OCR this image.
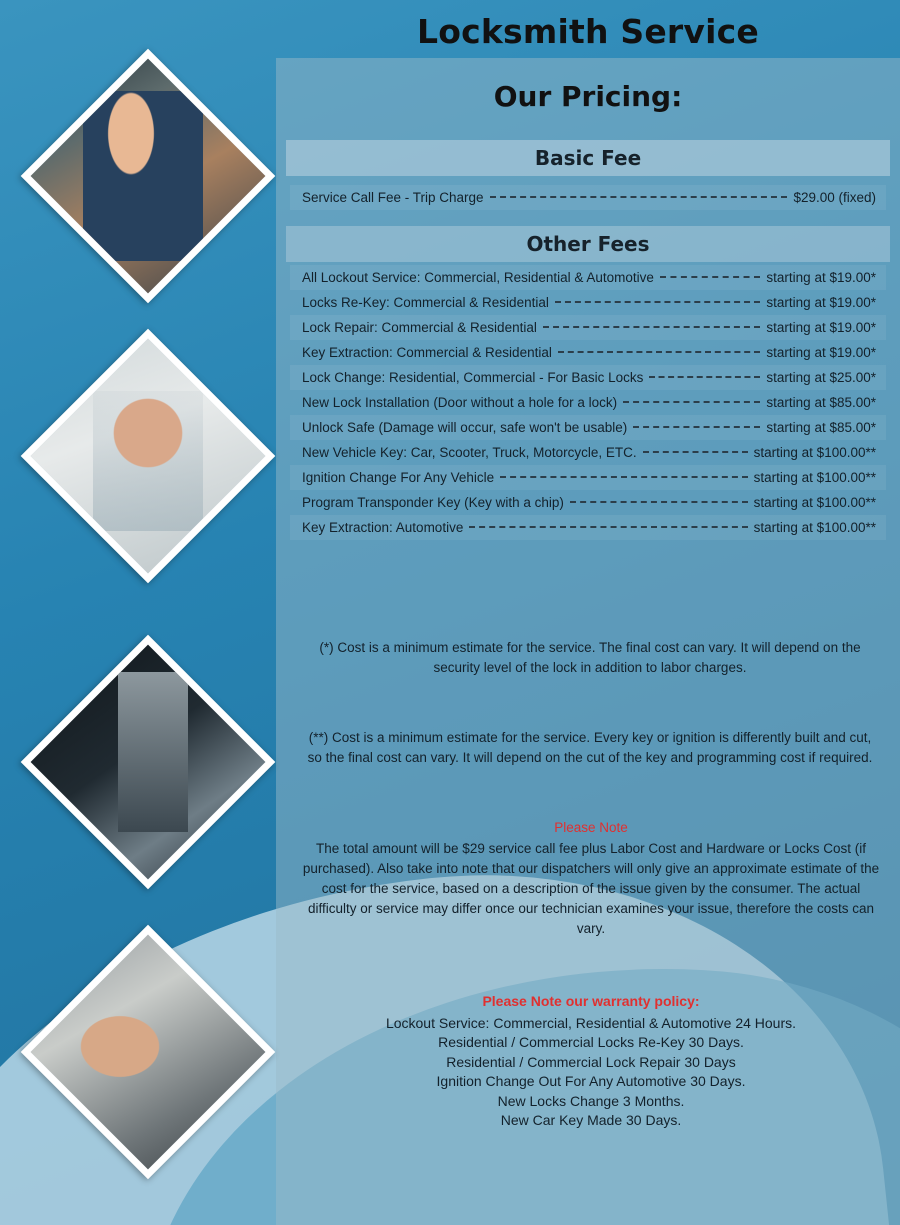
Locksmith Service
Our Pricing:
Basic Fee
Service Call Fee - Trip Charge	$29.00 (fixed)
Other Fees
All Lockout Service: Commercial, Residential & Automotive	starting at $19.00*
Locks Re-Key: Commercial & Residential	starting at $19.00*
Lock Repair: Commercial & Residential	starting at $19.00*
Key Extraction: Commercial & Residential	starting at $19.00*
Lock Change: Residential, Commercial - For Basic Locks	starting at $25.00*
New Lock Installation (Door without a hole for a lock)	starting at $85.00*
Unlock Safe (Damage will occur, safe won't be usable)	starting at $85.00*
New Vehicle Key: Car, Scooter, Truck, Motorcycle, ETC.	starting at $100.00**
Ignition Change For Any Vehicle	starting at $100.00**
Program Transponder Key (Key with a chip)	starting at $100.00**
Key Extraction: Automotive	starting at $100.00**
(*) Cost is a minimum estimate for the service. The final cost can vary. It will depend on the security level of the lock in addition to labor charges.
(**) Cost is a minimum estimate for the service. Every key or ignition is differently built and cut, so the final cost can vary. It will depend on the cut of the key and programming cost if required.
Please Note
The total amount will be $29 service call fee plus Labor Cost and Hardware or Locks Cost (if purchased). Also take into note that our dispatchers will only give an approximate estimate of the cost for the service, based on a description of the issue given by the consumer. The actual difficulty or service may differ once our technician examines your issue, therefore the costs can vary.
Please Note our warranty policy:
Lockout Service: Commercial, Residential & Automotive 24 Hours.
Residential / Commercial Locks Re-Key 30 Days.
Residential / Commercial Lock Repair 30 Days
Ignition Change Out For Any Automotive 30 Days.
New Locks Change 3 Months.
New Car Key Made 30 Days.
